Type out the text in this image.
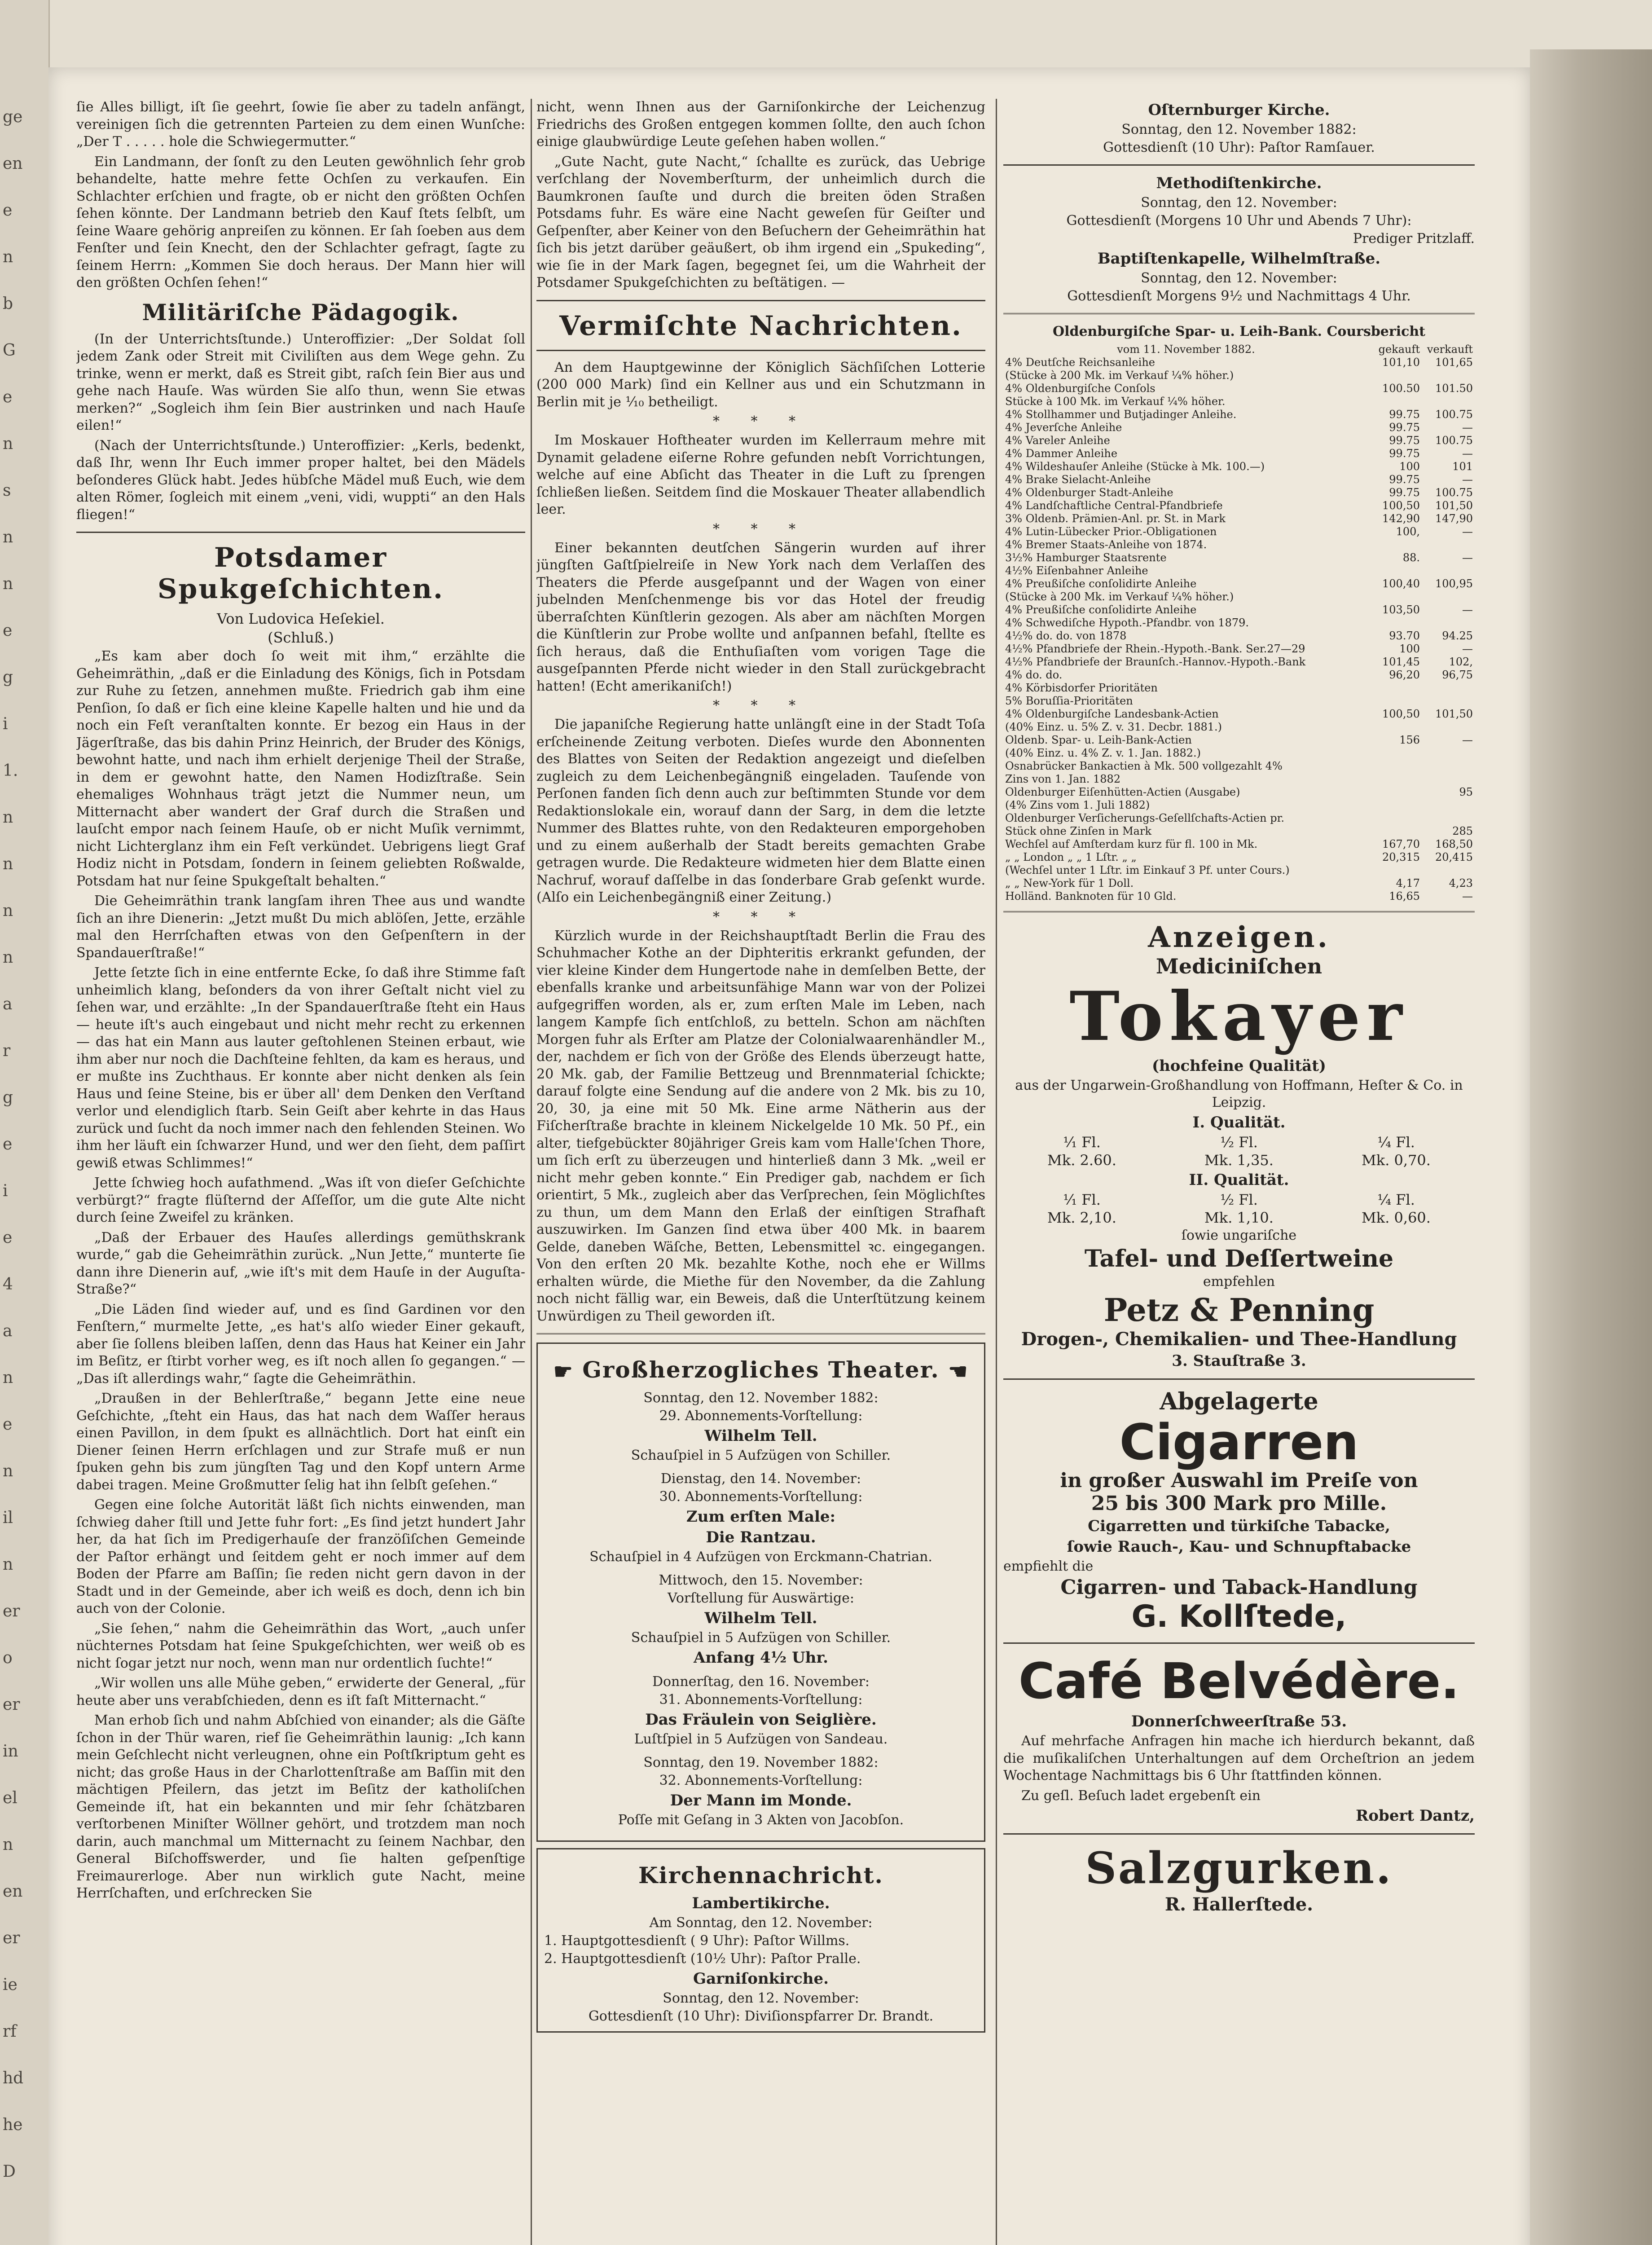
ge
en
e
n
b
G
e
n
s
n
n
e
g
i
1.
n
n
n
n
a
r
g
e
i
e
4
a
n
e
n
il
n
er
o
er
in
el
n
en
er
ie
rf
hd
he
D

ſie Alles billigt, iſt ſie geehrt, ſowie ſie aber zu tadeln anfängt, vereinigen ſich die getrennten Parteien zu dem einen Wunſche: „Der T . . . . . hole die Schwiegermutter.“

Ein Landmann, der ſonſt zu den Leuten gewöhnlich ſehr grob behandelte, hatte mehre fette Ochſen zu verkaufen. Ein Schlachter erſchien und fragte, ob er nicht den größten Ochſen ſehen könnte. Der Landmann betrieb den Kauf ſtets ſelbſt, um ſeine Waare gehörig anpreiſen zu können. Er ſah ſoeben aus dem Fenſter und ſein Knecht, den der Schlachter gefragt, ſagte zu ſeinem Herrn: „Kommen Sie doch heraus. Der Mann hier will den größten Ochſen ſehen!“

Militäriſche Pädagogik.

(In der Unterrichtsſtunde.) Unteroffizier: „Der Soldat ſoll jedem Zank oder Streit mit Civiliſten aus dem Wege gehn. Zu trinke, wenn er merkt, daß es Streit gibt, raſch ſein Bier aus und gehe nach Hauſe. Was würden Sie alſo thun, wenn Sie etwas merken?“ „Sogleich ihm ſein Bier austrinken und nach Hauſe eilen!“

(Nach der Unterrichtsſtunde.) Unteroffizier: „Kerls, bedenkt, daß Ihr, wenn Ihr Euch immer proper haltet, bei den Mädels beſonderes Glück habt. Jedes hübſche Mädel muß Euch, wie dem alten Römer, ſogleich mit einem „veni, vidi, wuppti“ an den Hals fliegen!“

Potsdamer Spukgeſchichten.
Von Ludovica Heſekiel.
(Schluß.)

„Es kam aber doch ſo weit mit ihm,“ erzählte die Geheimräthin, „daß er die Einladung des Königs, ſich in Potsdam zur Ruhe zu ſetzen, annehmen mußte. Friedrich gab ihm eine Penſion, ſo daß er ſich eine kleine Kapelle halten und hie und da noch ein Feſt veranſtalten konnte. Er bezog ein Haus in der Jägerſtraße, das bis dahin Prinz Heinrich, der Bruder des Königs, bewohnt hatte, und nach ihm erhielt derjenige Theil der Straße, in dem er gewohnt hatte, den Namen Hodizſtraße. Sein ehemaliges Wohnhaus trägt jetzt die Nummer neun, um Mitternacht aber wandert der Graf durch die Straßen und lauſcht empor nach ſeinem Hauſe, ob er nicht Muſik vernimmt, nicht Lichterglanz ihm ein Feſt verkündet. Uebrigens liegt Graf Hodiz nicht in Potsdam, ſondern in ſeinem geliebten Roßwalde, Potsdam hat nur ſeine Spukgeſtalt behalten.“

Die Geheimräthin trank langſam ihren Thee aus und wandte ſich an ihre Dienerin: „Jetzt mußt Du mich ablöſen, Jette, erzähle mal den Herrſchaften etwas von den Geſpenſtern in der Spandauerſtraße!“

Jette ſetzte ſich in eine entfernte Ecke, ſo daß ihre Stimme faſt unheimlich klang, beſonders da von ihrer Geſtalt nicht viel zu ſehen war, und erzählte: „In der Spandauerſtraße ſteht ein Haus — heute iſt's auch eingebaut und nicht mehr recht zu erkennen — das hat ein Mann aus lauter geſtohlenen Steinen erbaut, wie ihm aber nur noch die Dachſteine fehlten, da kam es heraus, und er mußte ins Zuchthaus. Er konnte aber nicht denken als ſein Haus und ſeine Steine, bis er über all' dem Denken den Verſtand verlor und elendiglich ſtarb. Sein Geiſt aber kehrte in das Haus zurück und ſucht da noch immer nach den fehlenden Steinen. Wo ihm her läuft ein ſchwarzer Hund, und wer den ſieht, dem paſſirt gewiß etwas Schlimmes!“

Jette ſchwieg hoch aufathmend. „Was iſt von dieſer Geſchichte verbürgt?“ fragte flüſternd der Aſſeſſor, um die gute Alte nicht durch ſeine Zweifel zu kränken.

„Daß der Erbauer des Hauſes allerdings gemüthskrank wurde,“ gab die Geheimräthin zurück. „Nun Jette,“ munterte ſie dann ihre Dienerin auf, „wie iſt's mit dem Hauſe in der Auguſta-Straße?“

„Die Läden ſind wieder auf, und es ſind Gardinen vor den Fenſtern,“ murmelte Jette, „es hat's alſo wieder Einer gekauft, aber ſie ſollens bleiben laſſen, denn das Haus hat Keiner ein Jahr im Beſitz, er ſtirbt vorher weg, es iſt noch allen ſo gegangen.“ — „Das iſt allerdings wahr,“ ſagte die Geheimräthin.

„Draußen in der Behlerſtraße,“ begann Jette eine neue Geſchichte, „ſteht ein Haus, das hat nach dem Waſſer heraus einen Pavillon, in dem ſpukt es allnächtlich. Dort hat einſt ein Diener ſeinen Herrn erſchlagen und zur Strafe muß er nun ſpuken gehn bis zum jüngſten Tag und den Kopf untern Arme dabei tragen. Meine Großmutter ſelig hat ihn ſelbſt geſehen.“

Gegen eine ſolche Autorität läßt ſich nichts einwenden, man ſchwieg daher ſtill und Jette fuhr fort: „Es ſind jetzt hundert Jahr her, da hat ſich im Predigerhauſe der franzöſiſchen Gemeinde der Paſtor erhängt und ſeitdem geht er noch immer auf dem Boden der Pfarre am Baſſin; ſie reden nicht gern davon in der Stadt und in der Gemeinde, aber ich weiß es doch, denn ich bin auch von der Colonie.

„Sie ſehen,“ nahm die Geheimräthin das Wort, „auch unſer nüchternes Potsdam hat ſeine Spukgeſchichten, wer weiß ob es nicht ſogar jetzt nur noch, wenn man nur ordentlich ſuchte!“

„Wir wollen uns alle Mühe geben,“ erwiderte der General, „für heute aber uns verabſchieden, denn es iſt faſt Mitternacht.“

Man erhob ſich und nahm Abſchied von einander; als die Gäſte ſchon in der Thür waren, rief ſie Geheimräthin launig: „Ich kann mein Geſchlecht nicht verleugnen, ohne ein Poſtſkriptum geht es nicht; das große Haus in der Charlottenſtraße am Baſſin mit den mächtigen Pfeilern, das jetzt im Beſitz der katholiſchen Gemeinde iſt, hat ein bekannten und mir ſehr ſchätzbaren verſtorbenen Miniſter Wöllner gehört, und trotzdem man noch darin, auch manchmal um Mitternacht zu ſeinem Nachbar, den General Biſchoffswerder, und ſie halten geſpenſtige Freimaurerloge. Aber nun wirklich gute Nacht, meine Herrſchaften, und erſchrecken Sie

nicht, wenn Ihnen aus der Garniſonkirche der Leichenzug Friedrichs des Großen entgegen kommen ſollte, den auch ſchon einige glaubwürdige Leute geſehen haben wollen.“

„Gute Nacht, gute Nacht,“ ſchallte es zurück, das Uebrige verſchlang der Novemberſturm, der unheimlich durch die Baumkronen ſauſte und durch die breiten öden Straßen Potsdams fuhr. Es wäre eine Nacht geweſen für Geiſter und Geſpenſter, aber Keiner von den Beſuchern der Geheimräthin hat ſich bis jetzt darüber geäußert, ob ihm irgend ein „Spukeding“, wie ſie in der Mark ſagen, begegnet ſei, um die Wahrheit der Potsdamer Spukgeſchichten zu beſtätigen. —

Vermiſchte Nachrichten.

An dem Hauptgewinne der Königlich Sächſiſchen Lotterie (200 000 Mark) ſind ein Kellner aus und ein Schutzmann in Berlin mit je ¹⁄₁₀ betheiligt.

* * *

Im Moskauer Hoftheater wurden im Kellerraum mehre mit Dynamit geladene eiſerne Rohre gefunden nebſt Vorrichtungen, welche auf eine Abſicht das Theater in die Luft zu ſprengen ſchließen ließen. Seitdem ſind die Moskauer Theater allabendlich leer.

* * *

Einer bekannten deutſchen Sängerin wurden auf ihrer jüngſten Gaſtſpielreiſe in New York nach dem Verlaſſen des Theaters die Pferde ausgeſpannt und der Wagen von einer jubelnden Menſchenmenge bis vor das Hotel der freudig überraſchten Künſtlerin gezogen. Als aber am nächſten Morgen die Künſtlerin zur Probe wollte und anſpannen befahl, ſtellte es ſich heraus, daß die Enthuſiaſten vom vorigen Tage die ausgeſpannten Pferde nicht wieder in den Stall zurückgebracht hatten! (Echt amerikaniſch!)

* * *

Die japaniſche Regierung hatte unlängſt eine in der Stadt Toſa erſcheinende Zeitung verboten. Dieſes wurde den Abonnenten des Blattes von Seiten der Redaktion angezeigt und dieſelben zugleich zu dem Leichenbegängniß eingeladen. Tauſende von Perſonen fanden ſich denn auch zur beſtimmten Stunde vor dem Redaktionslokale ein, worauf dann der Sarg, in dem die letzte Nummer des Blattes ruhte, von den Redakteuren emporgehoben und zu einem außerhalb der Stadt bereits gemachten Grabe getragen wurde. Die Redakteure widmeten hier dem Blatte einen Nachruf, worauf daſſelbe in das ſonderbare Grab geſenkt wurde. (Alſo ein Leichenbegängniß einer Zeitung.)

* * *

Kürzlich wurde in der Reichshauptſtadt Berlin die Frau des Schuhmacher Kothe an der Diphteritis erkrankt gefunden, der vier kleine Kinder dem Hungertode nahe in demſelben Bette, der ebenfalls kranke und arbeitsunfähige Mann war von der Polizei aufgegriffen worden, als er, zum erſten Male im Leben, nach langem Kampfe ſich entſchloß, zu betteln. Schon am nächſten Morgen fuhr als Erſter am Platze der Colonialwaarenhändler M., der, nachdem er ſich von der Größe des Elends überzeugt hatte, 20 Mk. gab, der Familie Bettzeug und Brennmaterial ſchickte; darauf folgte eine Sendung auf die andere von 2 Mk. bis zu 10, 20, 30, ja eine mit 50 Mk. Eine arme Nätherin aus der Fiſcherſtraße brachte in kleinem Nickelgelde 10 Mk. 50 Pf., ein alter, tiefgebückter 80jähriger Greis kam vom Halle'ſchen Thore, um ſich erſt zu überzeugen und hinterließ dann 3 Mk. „weil er nicht mehr geben konnte.“ Ein Prediger gab, nachdem er ſich orientirt, 5 Mk., zugleich aber das Verſprechen, ſein Möglichſtes zu thun, um dem Mann den Erlaß der einſtigen Strafhaft auszuwirken. Im Ganzen ſind etwa über 400 Mk. in baarem Gelde, daneben Wäſche, Betten, Lebensmittel ꝛc. eingegangen. Von den erſten 20 Mk. bezahlte Kothe, noch ehe er Willms erhalten würde, die Miethe für den November, da die Zahlung noch nicht fällig war, ein Beweis, daß die Unterſtützung keinem Unwürdigen zu Theil geworden iſt.

☛ Großherzogliches Theater. ☚
Sonntag, den 12. November 1882:
29. Abonnements-Vorſtellung:
Wilhelm Tell.
Schauſpiel in 5 Aufzügen von Schiller.
Dienstag, den 14. November:
30. Abonnements-Vorſtellung:
Zum erſten Male:
Die Rantzau.
Schauſpiel in 4 Aufzügen von Erckmann-Chatrian.
Mittwoch, den 15. November:
Vorſtellung für Auswärtige:
Wilhelm Tell.
Schauſpiel in 5 Aufzügen von Schiller.
Anfang 4½ Uhr.
Donnerſtag, den 16. November:
31. Abonnements-Vorſtellung:
Das Fräulein von Seiglière.
Luſtſpiel in 5 Aufzügen von Sandeau.
Sonntag, den 19. November 1882:
32. Abonnements-Vorſtellung:
Der Mann im Monde.
Poſſe mit Geſang in 3 Akten von Jacobſon.
Kirchennachricht.
Lambertikirche.
Am Sonntag, den 12. November:
1. Hauptgottesdienſt ( 9 Uhr): Paſtor Willms.
2. Hauptgottesdienſt (10½ Uhr): Paſtor Pralle.
Garniſonkirche.
Sonntag, den 12. November:
Gottesdienſt (10 Uhr): Diviſionspfarrer Dr. Brandt.
Oſternburger Kirche.
Sonntag, den 12. November 1882:
Gottesdienſt (10 Uhr): Paſtor Ramſauer.
Methodiſtenkirche.
Sonntag, den 12. November:
Gottesdienſt (Morgens 10 Uhr und Abends 7 Uhr):
Prediger Pritzlaff.
Baptiſtenkapelle, Wilhelmſtraße.
Sonntag, den 12. November:
Gottesdienſt Morgens 9½ und Nachmittags 4 Uhr.
Oldenburgiſche Spar- u. Leih-Bank. Coursbericht
vom 11. November 1882.	gekauft	verkauft
4% Deutſche Reichsanleihe	101,10	101,65
(Stücke à 200 Mk. im Verkauf ¼% höher.)		
4% Oldenburgiſche Conſols	100.50	101.50
Stücke à 100 Mk. im Verkauf ¼% höher.		
4% Stollhammer und Butjadinger Anleihe.	99.75	100.75
4% Jeverſche Anleihe	99.75	—
4% Vareler Anleihe	99.75	100.75
4% Dammer Anleihe	99.75	—
4% Wildeshauſer Anleihe (Stücke à Mk. 100.—)	100	101
4% Brake Sielacht-Anleihe	99.75	—
4% Oldenburger Stadt-Anleihe	99.75	100.75
4% Landſchaftliche Central-Pfandbriefe	100,50	101,50
3% Oldenb. Prämien-Anl. pr. St. in Mark	142,90	147,90
4% Lutin-Lübecker Prior.-Obligationen	100,	—
4% Bremer Staats-Anleihe von 1874.		
3½% Hamburger Staatsrente	88.	—
4½% Eiſenbahner Anleihe		
4% Preußiſche conſolidirte Anleihe	100,40	100,95
(Stücke à 200 Mk. im Verkauf ¼% höher.)		
4% Preußiſche conſolidirte Anleihe	103,50	—
4% Schwediſche Hypoth.-Pfandbr. von 1879.		
4½% do. do. von 1878	93.70	94.25
4½% Pfandbriefe der Rhein.-Hypoth.-Bank. Ser.27—29	100	—
4½% Pfandbriefe der Braunſch.-Hannov.-Hypoth.-Bank	101,45	102,
4% do. do.	96,20	96,75
4% Körbisdorfer Prioritäten		
5% Boruſſia-Prioritäten		
4% Oldenburgiſche Landesbank-Actien	100,50	101,50
(40% Einz. u. 5% Z. v. 31. Decbr. 1881.)		
Oldenb. Spar- u. Leih-Bank-Actien	156	—
(40% Einz. u. 4% Z. v. 1. Jan. 1882.)		
Osnabrücker Bankactien à Mk. 500 vollgezahlt 4%		
Zins von 1. Jan. 1882		
Oldenburger Eiſenhütten-Actien (Ausgabe)		95
(4% Zins vom 1. Juli 1882)		
Oldenburger Verſicherungs-Geſellſchafts-Actien pr.		
Stück ohne Zinſen in Mark		285
Wechſel auf Amſterdam kurz für fl. 100 in Mk.	167,70	168,50
„ „ London „ „ 1 Lſtr. „ „	20,315	20,415
(Wechſel unter 1 Lſtr. im Einkauf 3 Pf. unter Cours.)		
„ „ New-York für 1 Doll.	4,17	4,23
Holländ. Banknoten für 10 Gld.	16,65	—
Anzeigen.
Mediciniſchen
Tokayer
(hochfeine Qualität)
aus der Ungarwein-Großhandlung von Hoffmann, Heſter & Co. in Leipzig.
I. Qualität.
¹⁄₁ Fl.	½ Fl.	¼ Fl.
Mk. 2.60.	Mk. 1,35.	Mk. 0,70.
II. Qualität.
¹⁄₁ Fl.	½ Fl.	¼ Fl.
Mk. 2,10.	Mk. 1,10.	Mk. 0,60.
ſowie ungariſche
Tafel- und Deſſertweine
empfehlen
Petz & Penning
Drogen-, Chemikalien- und Thee-Handlung
3. Stauſtraße 3.
Abgelagerte
Cigarren
in großer Auswahl im Preiſe von
25 bis 300 Mark pro Mille.
Cigarretten und türkiſche Tabacke,
ſowie Rauch-, Kau- und Schnupftabacke
empfiehlt die
Cigarren- und Taback-Handlung
G. Kollſtede,
Café Belvédère.
Donnerſchweerſtraße 53.

Auf mehrfache Anfragen hin mache ich hierdurch bekannt, daß die muſikaliſchen Unterhaltungen auf dem Orcheſtrion an jedem Wochentage Nachmittags bis 6 Uhr ſtattfinden können.

Zu geſl. Beſuch ladet ergebenſt ein
Robert Dantz,
Salzgurken.
R. Hallerſtede.
